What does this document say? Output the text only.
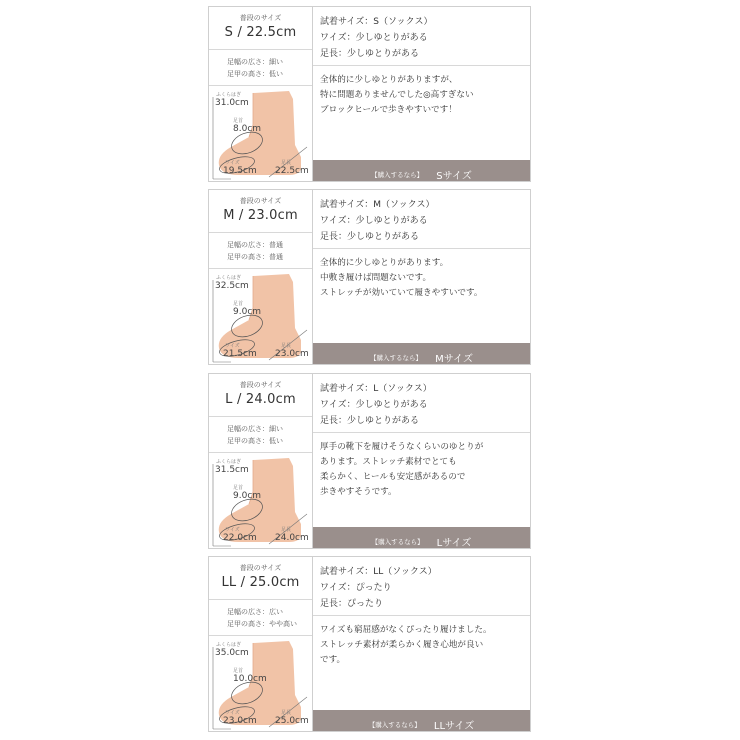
普段のサイズ
S / 22.5cm
足幅の広さ：細い
足甲の高さ：低い
ふくらはぎ
31.0cm
足首
8.0cm
ワイズ
19.5cm
足長
22.5cm
試着サイズ：S（ソックス）
ワイズ：少しゆとりがある
足長：少しゆとりがある
全体的に少しゆとりがありますが、
特に問題ありませんでした◎高すぎない
ブロックヒールで歩きやすいです！
【購入するなら】 Sサイズ
普段のサイズ
M / 23.0cm
足幅の広さ：普通
足甲の高さ：普通
ふくらはぎ
32.5cm
足首
9.0cm
ワイズ
21.5cm
足長
23.0cm
試着サイズ：M（ソックス）
ワイズ：少しゆとりがある
足長：少しゆとりがある
全体的に少しゆとりがあります。
中敷き履けば問題ないです。
ストレッチが効いていて履きやすいです。
【購入するなら】 Mサイズ
普段のサイズ
L / 24.0cm
足幅の広さ：細い
足甲の高さ：低い
ふくらはぎ
31.5cm
足首
9.0cm
ワイズ
22.0cm
足長
24.0cm
試着サイズ：L（ソックス）
ワイズ：少しゆとりがある
足長：少しゆとりがある
厚手の靴下を履けそうなくらいのゆとりが
あります。ストレッチ素材でとても
柔らかく、ヒールも安定感があるので
歩きやすそうです。
【購入するなら】 Lサイズ
普段のサイズ
LL / 25.0cm
足幅の広さ：広い
足甲の高さ：やや高い
ふくらはぎ
35.0cm
足首
10.0cm
ワイズ
23.0cm
足長
25.0cm
試着サイズ：LL（ソックス）
ワイズ：ぴったり
足長：ぴったり
ワイズも窮屈感がなくぴったり履けました。
ストレッチ素材が柔らかく履き心地が良い
です。
【購入するなら】 LLサイズ
